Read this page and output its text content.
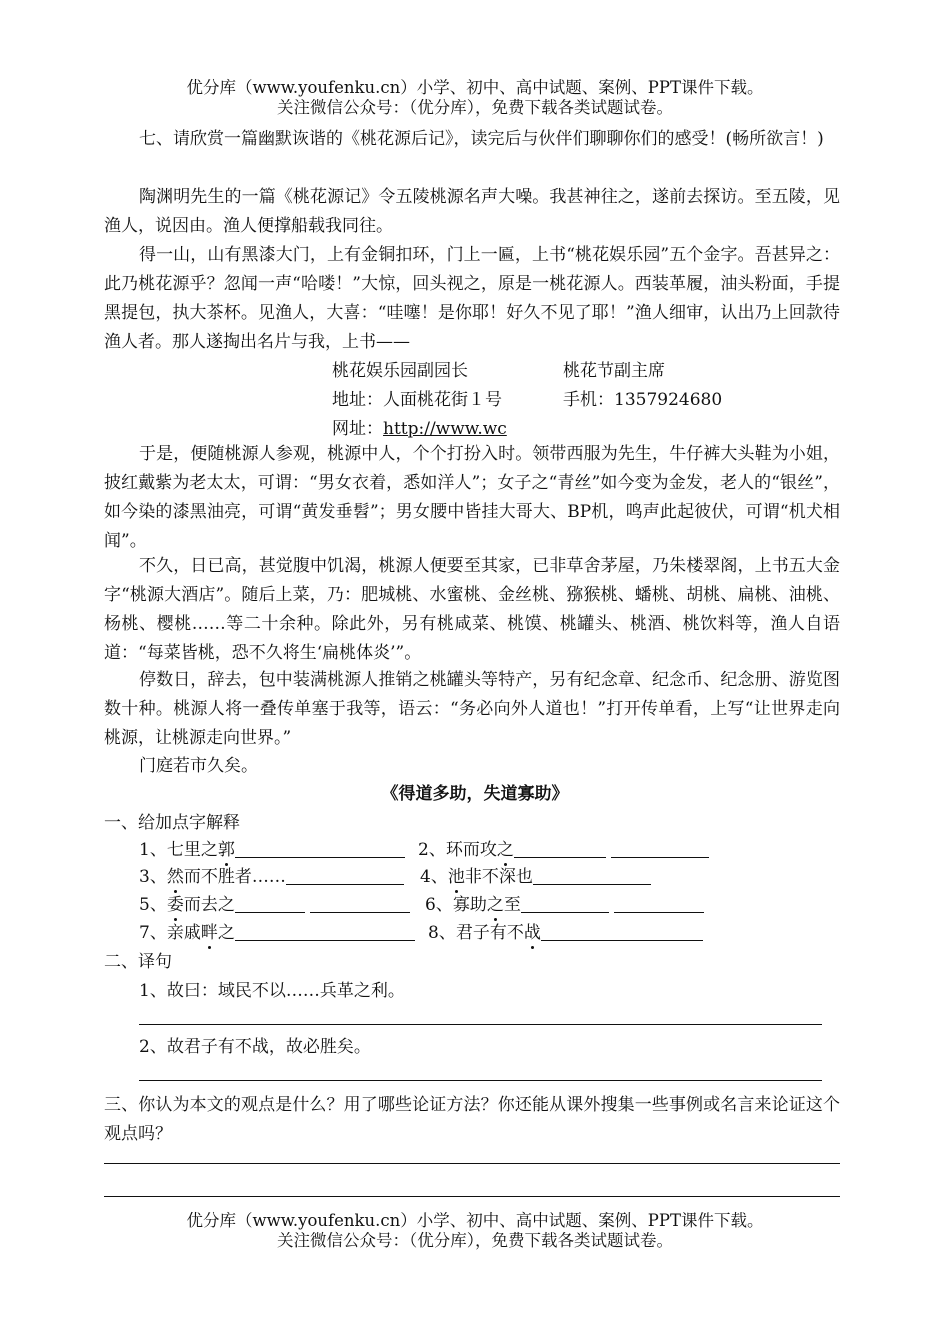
优分库（www.youfenku.cn）小学、初中、高中试题、案例、PPT课件下载。
关注微信公众号：（优分库），免费下载各类试题试卷。
七、请欣赏一篇幽默诙谐的《桃花源后记》，读完后与伙伴们聊聊你们的感受！(畅所欲言！)
陶渊明先生的一篇《桃花源记》令五陵桃源名声大噪。我甚神往之，遂前去探访。至五陵，见渔人，说因由。渔人便撑船载我同往。
得一山，山有黑漆大门，上有金铜扣环，门上一匾，上书“桃花娱乐园”五个金字。吾甚异之：此乃桃花源乎？忽闻一声“哈喽！”大惊，回头视之，原是一桃花源人。西装革履，油头粉面，手提黑提包，执大茶杯。见渔人，大喜：“哇噻！是你耶！好久不见了耶！”渔人细审，认出乃上回款待渔人者。那人遂掏出名片与我，上书——
桃花娱乐园副园长	桃花节副主席
地址：人面桃花街１号	手机：1357924680
网址：http://www.wc
于是，便随桃源人参观，桃源中人，个个打扮入时。领带西服为先生，牛仔裤大头鞋为小姐，披红戴紫为老太太，可谓：“男女衣着，悉如洋人”；女子之“青丝”如今变为金发，老人的“银丝”，如今染的漆黑油亮，可谓“黄发垂髫”；男女腰中皆挂大哥大、BP机，鸣声此起彼伏，可谓“机犬相闻”。
不久，日已高，甚觉腹中饥渴，桃源人便要至其家，已非草舍茅屋，乃朱楼翠阁，上书五大金字“桃源大酒店”。随后上菜，乃：肥城桃、水蜜桃、金丝桃、猕猴桃、蟠桃、胡桃、扁桃、油桃、杨桃、樱桃……等二十余种。除此外，另有桃咸菜、桃馍、桃罐头、桃酒、桃饮料等，渔人自语道：“每菜皆桃，恐不久将生‘扁桃体炎’”。
停数日，辞去，包中装满桃源人推销之桃罐头等特产，另有纪念章、纪念币、纪念册、游览图数十种。桃源人将一叠传单塞于我等，语云：“务必向外人道也！”打开传单看，上写“让世界走向桃源，让桃源走向世界。”
门庭若市久矣。
《得道多助，失道寡助》
一、给加点字解释
1、七里之郭	2、环而攻之
3、然而不胜者……	4、池非不深也
5、委而去之	6、寡助之至
7、亲戚畔之	8、君子有不战
二、译句
1、故曰：域民不以……兵革之利。
2、故君子有不战，故必胜矣。
三、你认为本文的观点是什么？用了哪些论证方法？你还能从课外搜集一些事例或名言来论证这个观点吗？
优分库（www.youfenku.cn）小学、初中、高中试题、案例、PPT课件下载。
关注微信公众号：（优分库），免费下载各类试题试卷。
